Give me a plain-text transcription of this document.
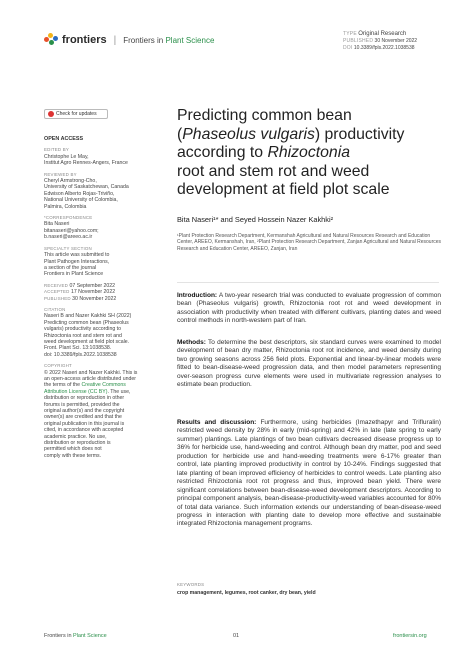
frontiers | Frontiers in Plant Science
TYPE Original Research
PUBLISHED 30 November 2022
DOI 10.3389/fpls.2022.1038538
Check for updates
OPEN ACCESS
EDITED BY

Christophe Le May,

Institut Agro Rennes-Angers, France

REVIEWED BY

Cheryl Armstrong-Cho,

University of Saskatchewan, Canada

Edwison Alberto Rojas-Triviño,

National University of Colombia,

Palmira, Colombia

*CORRESPONDENCE

Bita Naseri

bitanaseri@yahoo.com;

b.naseri@areeo.ac.ir

SPECIALTY SECTION

This article was submitted to

Plant Pathogen Interactions,

a section of the journal

Frontiers in Plant Science

RECEIVED 07 September 2022

ACCEPTED 17 November 2022

PUBLISHED 30 November 2022

CITATION

Naseri B and Nazer Kakhki SH (2022)

Predicting common bean (Phaseolus

vulgaris) productivity according to

Rhizoctonia root and stem rot and

weed development at field plot scale.

Front. Plant Sci. 13:1038538.

doi: 10.3389/fpls.2022.1038538

COPYRIGHT

© 2022 Naseri and Nazer Kakhki. This is

an open-access article distributed under

the terms of the Creative Commons

Attribution License (CC BY). The use,

distribution or reproduction in other

forums is permitted, provided the

original author(s) and the copyright

owner(s) are credited and that the

original publication in this journal is

cited, in accordance with accepted

academic practice. No use,

distribution or reproduction is

permitted which does not

comply with these terms.

Predicting common bean
(Phaseolus vulgaris) productivity
according to Rhizoctonia
root and stem rot and weed
development at field plot scale
Bita Naseri¹* and Seyed Hossein Nazer Kakhki²

¹Plant Protection Research Department, Kermanshah Agricultural and Natural Resources Research and Education Center, AREEO, Kermanshah, Iran, ²Plant Protection Research Department, Zanjan Agricultural and Natural Resources Research and Education Center, AREEO, Zanjan, Iran

Introduction: A two-year research trial was conducted to evaluate progression of common bean (Phaseolus vulgaris) growth, Rhizoctonia root rot and weed development in association with productivity when treated with different cultivars, planting dates and weed control methods in north-western part of Iran.

Methods: To determine the best descriptors, six standard curves were examined to model development of bean dry matter, Rhizoctonia root rot incidence, and weed density during two growing seasons across 256 field plots. Exponential and linear-by-linear models were fitted to bean-disease-weed progression data, and then model parameters representing over-season progress curve elements were used in multivariate regression analyses to estimate bean production.

Results and discussion: Furthermore, using herbicides (Imazethapyr and Trifluralin) restricted weed density by 28% in early (mid-spring) and 42% in late (late spring to early summer) plantings. Late plantings of two bean cultivars decreased disease progress up to 36% for herbicide use, hand-weeding and control. Although bean dry matter, pod and seed production for herbicide use and hand-weeding treatments were 6-17% greater than control, late planting improved productivity in control by 10-24%. Findings suggested that late planting of bean improved efficiency of herbicides to control weeds. Late planting also restricted Rhizoctonia root rot progress and thus, improved bean yield. There were significant correlations between bean-disease-weed development descriptors. According to principal component analysis, bean-disease-productivity-weed variables accounted for 80% of total data variance. Such information extends our understanding of bean-disease-weed progress in interaction with planting date to develop more effective and sustainable integrated Rhizoctonia management programs.

KEYWORDS
crop management, legumes, root canker, dry bean, yield
Frontiers in Plant Science	01	frontiersin.org
